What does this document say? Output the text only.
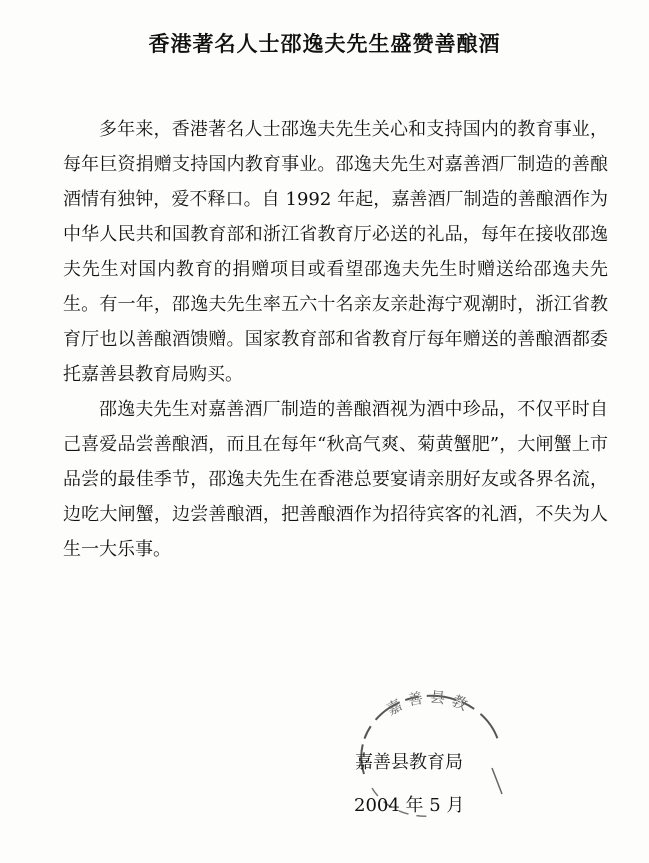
香港著名人士邵逸夫先生盛赞善酿酒

多年来，香港著名人士邵逸夫先生关心和支持国内的教育事业，每年巨资捐赠支持国内教育事业。邵逸夫先生对嘉善酒厂制造的善酿酒情有独钟，爱不释口。自 1992 年起，嘉善酒厂制造的善酿酒作为中华人民共和国教育部和浙江省教育厅必送的礼品，每年在接收邵逸夫先生对国内教育的捐赠项目或看望邵逸夫先生时赠送给邵逸夫先生。有一年，邵逸夫先生率五六十名亲友亲赴海宁观潮时，浙江省教育厅也以善酿酒馈赠。国家教育部和省教育厅每年赠送的善酿酒都委托嘉善县教育局购买。

邵逸夫先生对嘉善酒厂制造的善酿酒视为酒中珍品，不仅平时自己喜爱品尝善酿酒，而且在每年“秋高气爽、菊黄蟹肥”，大闸蟹上市品尝的最佳季节，邵逸夫先生在香港总要宴请亲朋好友或各界名流，边吃大闸蟹，边尝善酿酒，把善酿酒作为招待宾客的礼酒，不失为人生一大乐事。

嘉善县教
嘉善县教育局
2004 年 5 月
